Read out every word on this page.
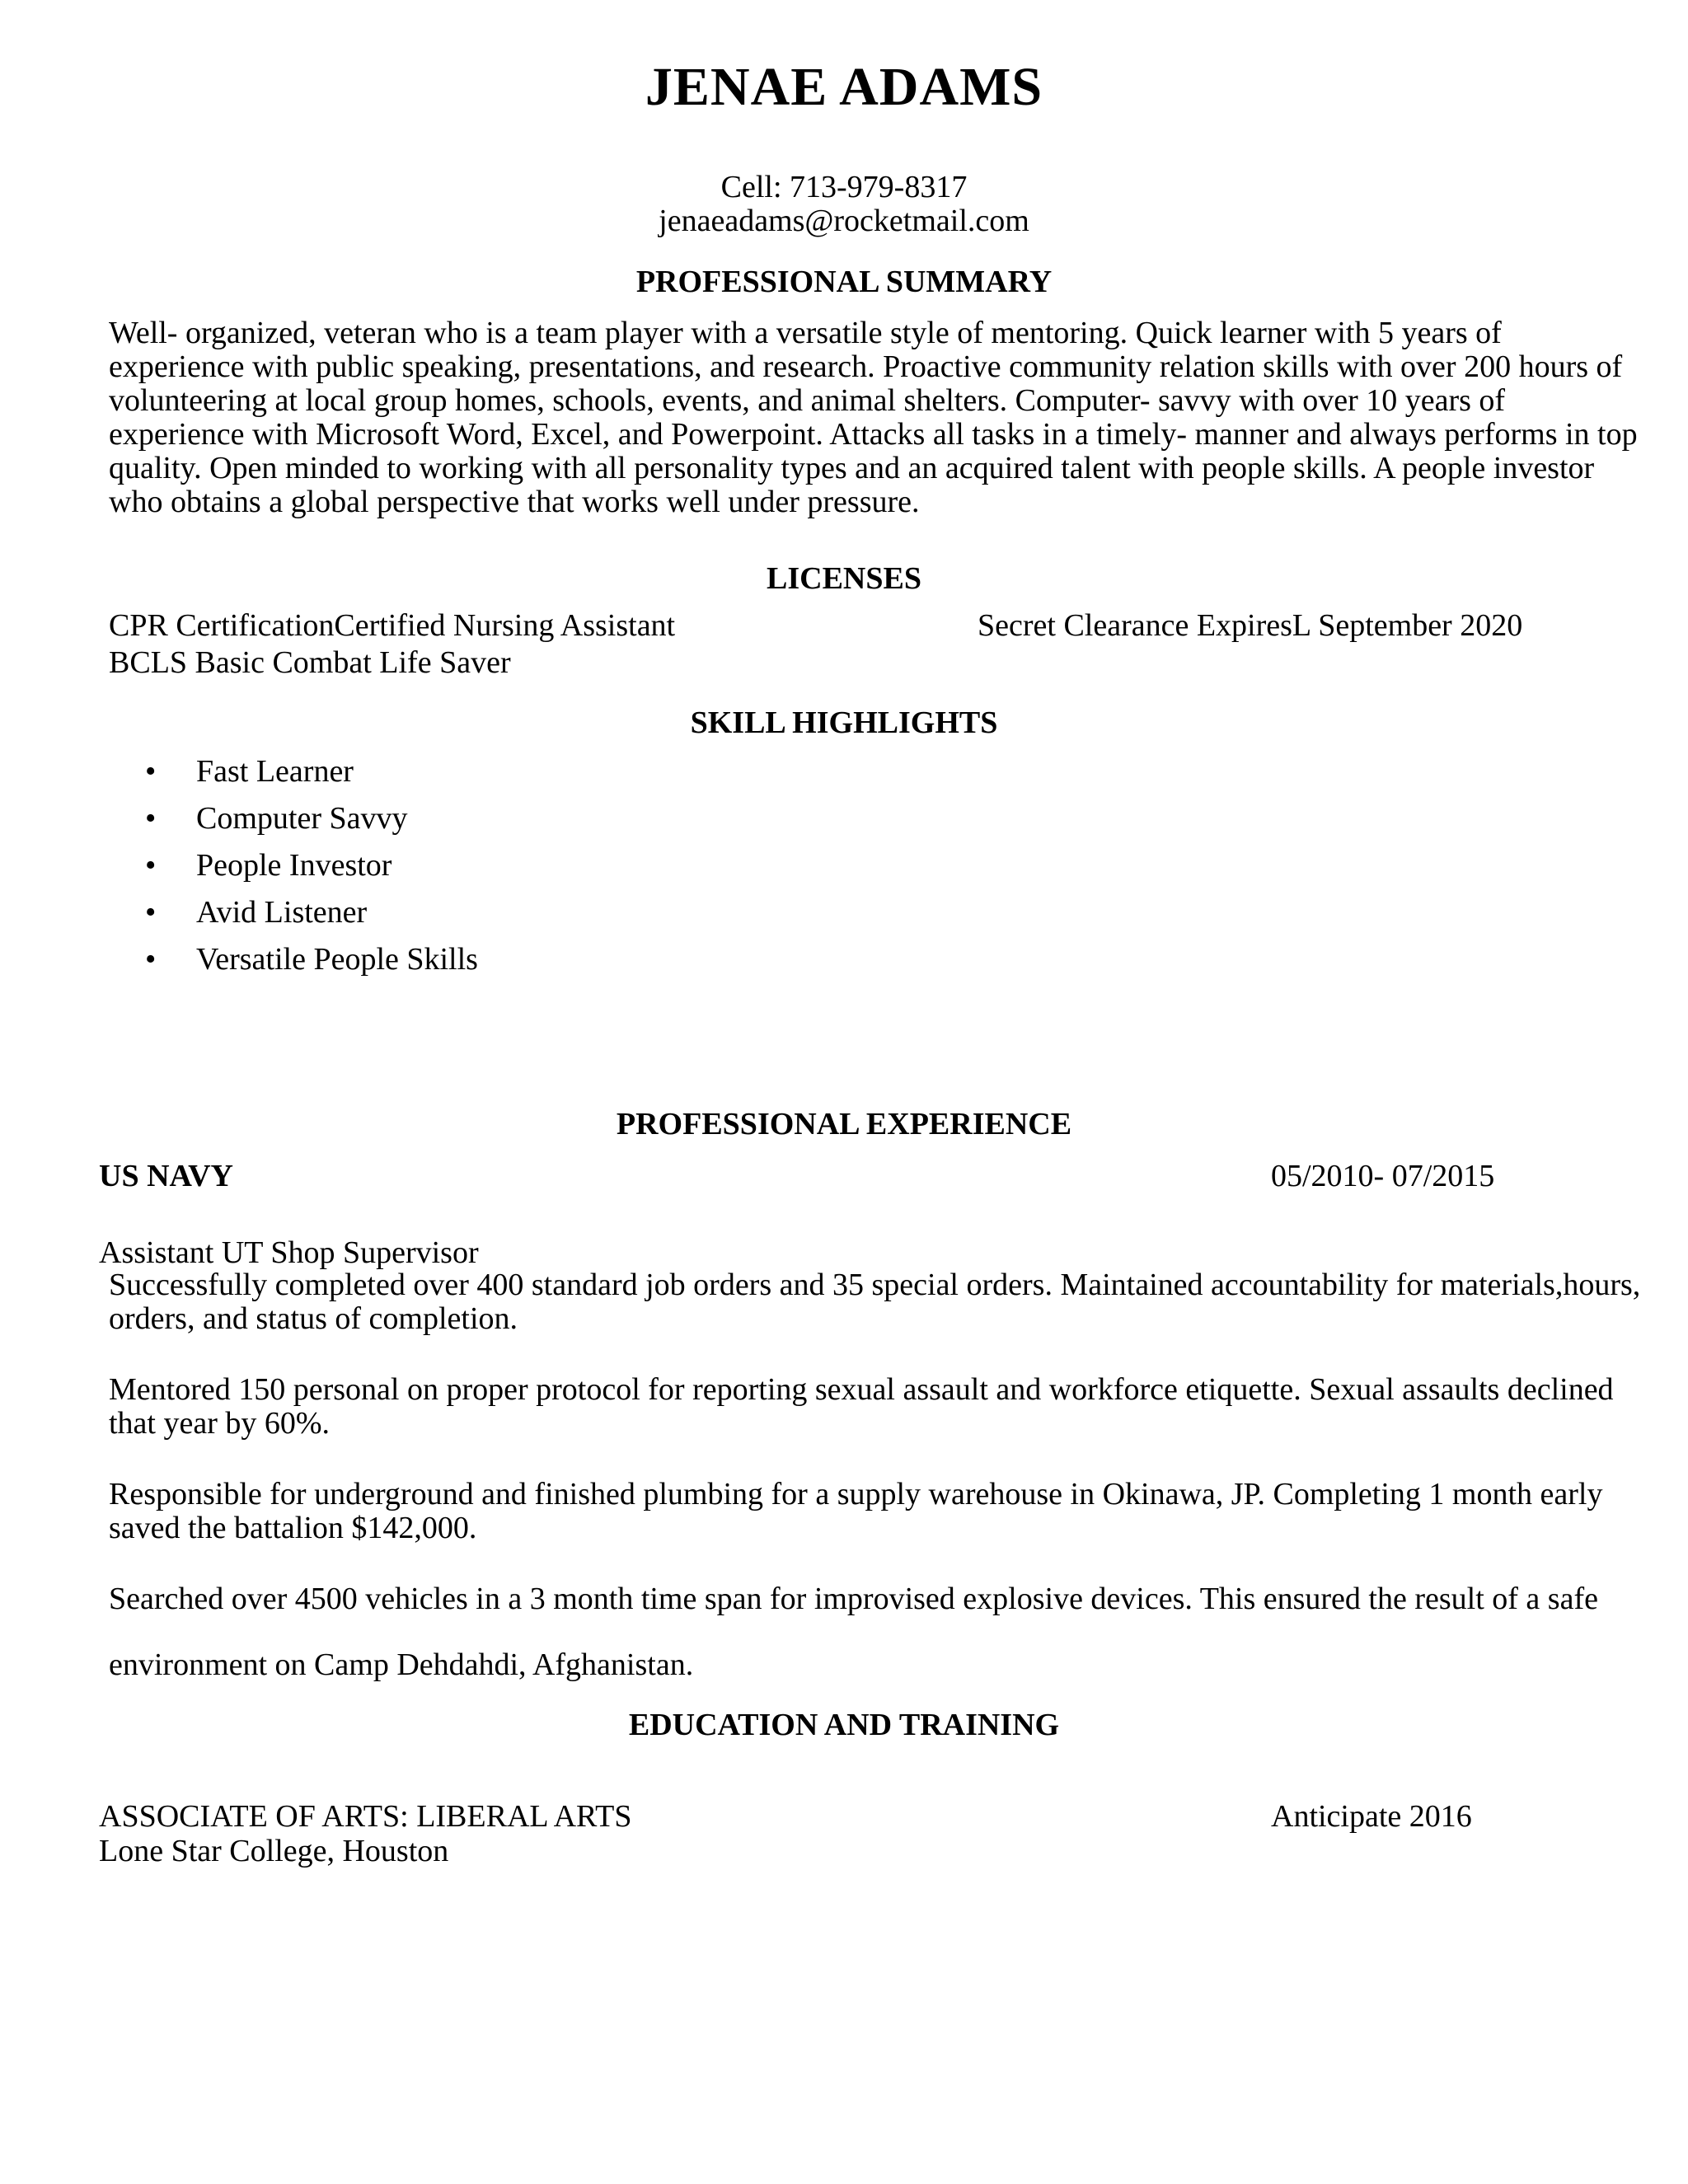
JENAE ADAMS
Cell: 713-979-8317
jenaeadams@rocketmail.com
PROFESSIONAL SUMMARY
Well- organized, veteran who is a team player with a versatile style of mentoring. Quick learner with 5 years of experience with public speaking, presentations, and research. Proactive community relation skills with over 200 hours of volunteering at local group homes, schools, events, and animal shelters. Computer- savvy with over 10 years of experience with Microsoft Word, Excel, and Powerpoint. Attacks all tasks in a timely- manner and always performs in top quality. Open minded to working with all personality types and an acquired talent with people skills. A people investor who obtains a global perspective that works well under pressure.
LICENSES
CPR CertificationCertified Nursing Assistant	Secret Clearance ExpiresL September 2020
BCLS Basic Combat Life Saver
SKILL HIGHLIGHTS
• Fast Learner
• Computer Savvy
• People Investor
• Avid Listener
• Versatile People Skills
PROFESSIONAL EXPERIENCE
US NAVY	05/2010- 07/2015
Assistant UT Shop Supervisor
Successfully completed over 400 standard job orders and 35 special orders. Maintained accountability for materials,hours, orders, and status of completion.
Mentored 150 personal on proper protocol for reporting sexual assault and workforce etiquette. Sexual assaults declined that year by 60%.
Responsible for underground and finished plumbing for a supply warehouse in Okinawa, JP. Completing 1 month early saved the battalion $142,000.
Searched over 4500 vehicles in a 3 month time span for improvised explosive devices. This ensured the result of a safe
environment on Camp Dehdahdi, Afghanistan.
EDUCATION AND TRAINING
ASSOCIATE OF ARTS: LIBERAL ARTS	Anticipate 2016
Lone Star College, Houston
